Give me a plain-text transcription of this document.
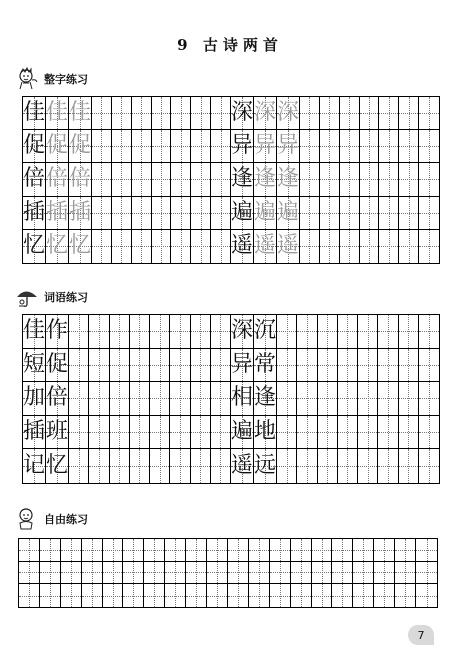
9 古诗两首
整字练习
佳 佳 佳	深 深 深
促 促 促	异 异 异
倍 倍 倍	逢 逢 逢
插 插 插	遍 遍 遍
忆 忆 忆	遥 遥 遥
词语练习
佳 作	深 沉
短 促	异 常
加 倍	相 逢
插 班	遍 地
记 忆	遥 远
自由练习
7
